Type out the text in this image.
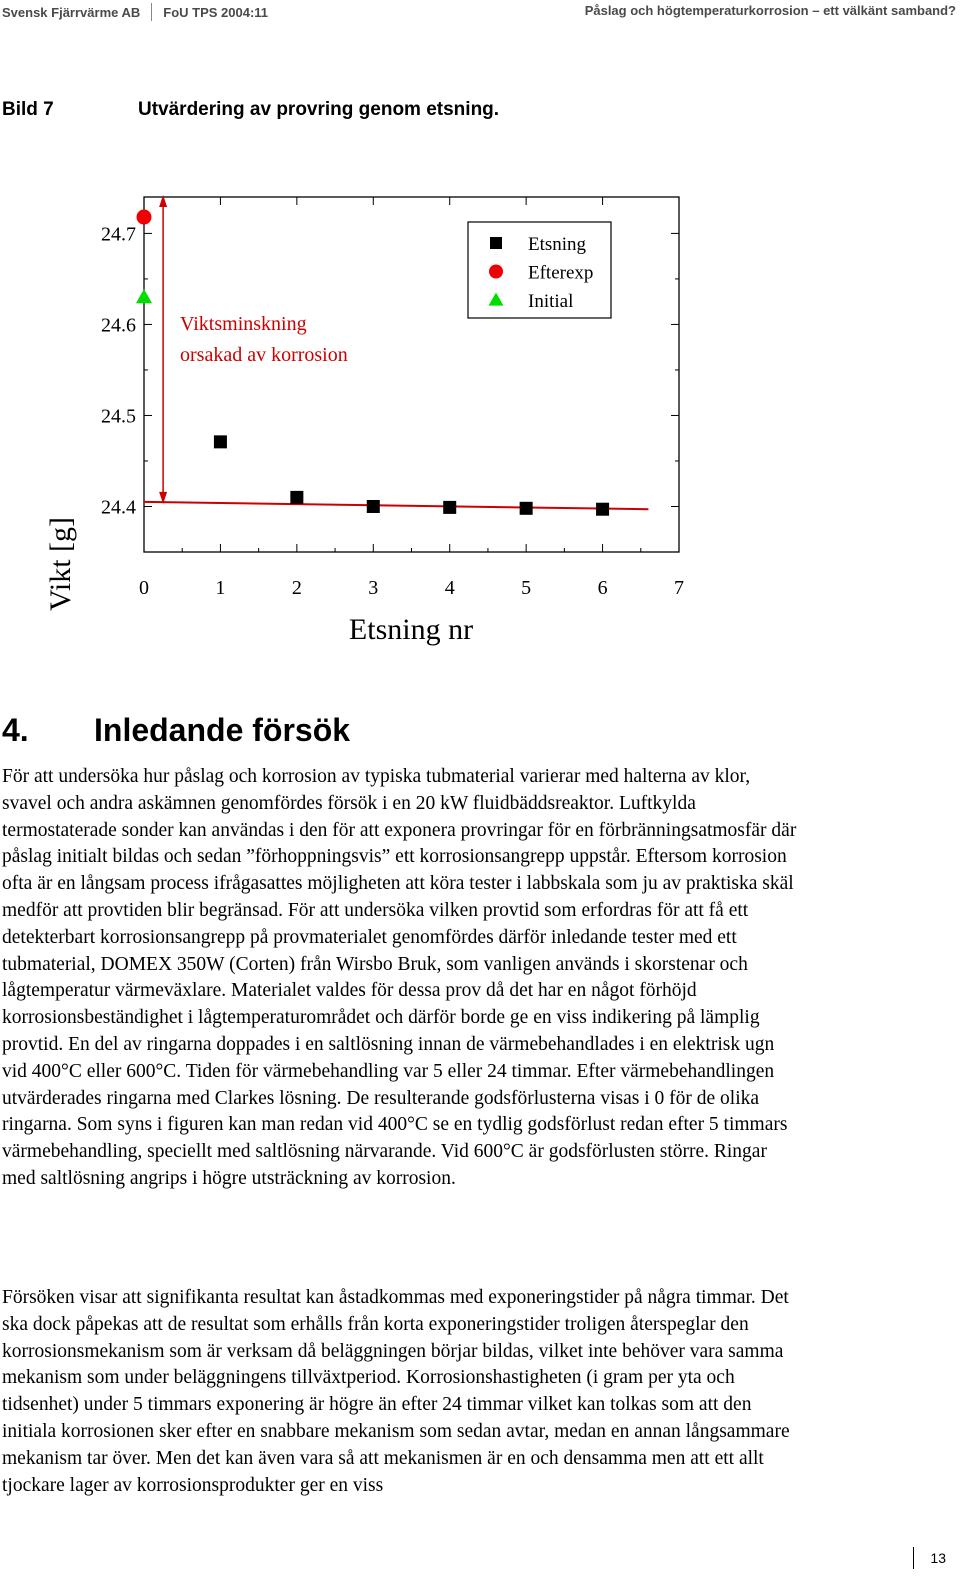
Svensk Fjärrvärme AB FoU TPS 2004:11	Påslag och högtemperaturkorrosion – ett välkänt samband?
Bild 7	Utvärdering av provring genom etsning.
0	1	2	3	4	5	6	7
24.4
24.5
24.6
24.7	Etsning
Efterexp
Initial
Viktsminskning
orsakad av korrosion
Etsning nr
Vikt [g]
4. Inledande försök

För att undersöka hur påslag och korrosion av typiska tubmaterial varierar med halterna av klor, svavel och andra askämnen genomfördes försök i en 20 kW fluidbäddsreaktor. Luftkylda termostaterade sonder kan användas i den för att exponera provringar för en förbränningsatmosfär där påslag initialt bildas och sedan ”förhoppningsvis” ett korrosionsangrepp uppstår. Eftersom korrosion ofta är en långsam process ifrågasattes möjligheten att köra tester i labbskala som ju av praktiska skäl medför att provtiden blir begränsad. För att undersöka vilken provtid som erfordras för att få ett detekterbart korrosionsangrepp på provmaterialet genomfördes därför inledande tester med ett tubmaterial, DOMEX 350W (Corten) från Wirsbo Bruk, som vanligen används i skorstenar och lågtemperatur värmeväxlare. Materialet valdes för dessa prov då det har en något förhöjd korrosionsbeständighet i lågtemperaturområdet och därför borde ge en viss indikering på lämplig provtid. En del av ringarna doppades i en saltlösning innan de värmebehandlades i en elektrisk ugn vid 400°C eller 600°C. Tiden för värmebehandling var 5 eller 24 timmar. Efter värmebehandlingen utvärderades ringarna med Clarkes lösning. De resulterande godsförlusterna visas i 0 för de olika ringarna. Som syns i figuren kan man redan vid 400°C se en tydlig godsförlust redan efter 5 timmars värmebehandling, speciellt med saltlösning närvarande. Vid 600°C är godsförlusten större. Ringar med saltlösning angrips i högre utsträckning av korrosion.

Försöken visar att signifikanta resultat kan åstadkommas med exponeringstider på några timmar. Det ska dock påpekas att de resultat som erhålls från korta exponeringstider troligen återspeglar den korrosionsmekanism som är verksam då beläggningen börjar bildas, vilket inte behöver vara samma mekanism som under beläggningens tillväxtperiod. Korrosionshastigheten (i gram per yta och tidsenhet) under 5 timmars exponering är högre än efter 24 timmar vilket kan tolkas som att den initiala korrosionen sker efter en snabbare mekanism som sedan avtar, medan en annan långsammare mekanism tar över. Men det kan även vara så att mekanismen är en och densamma men att ett allt tjockare lager av korrosionsprodukter ger en viss

13
